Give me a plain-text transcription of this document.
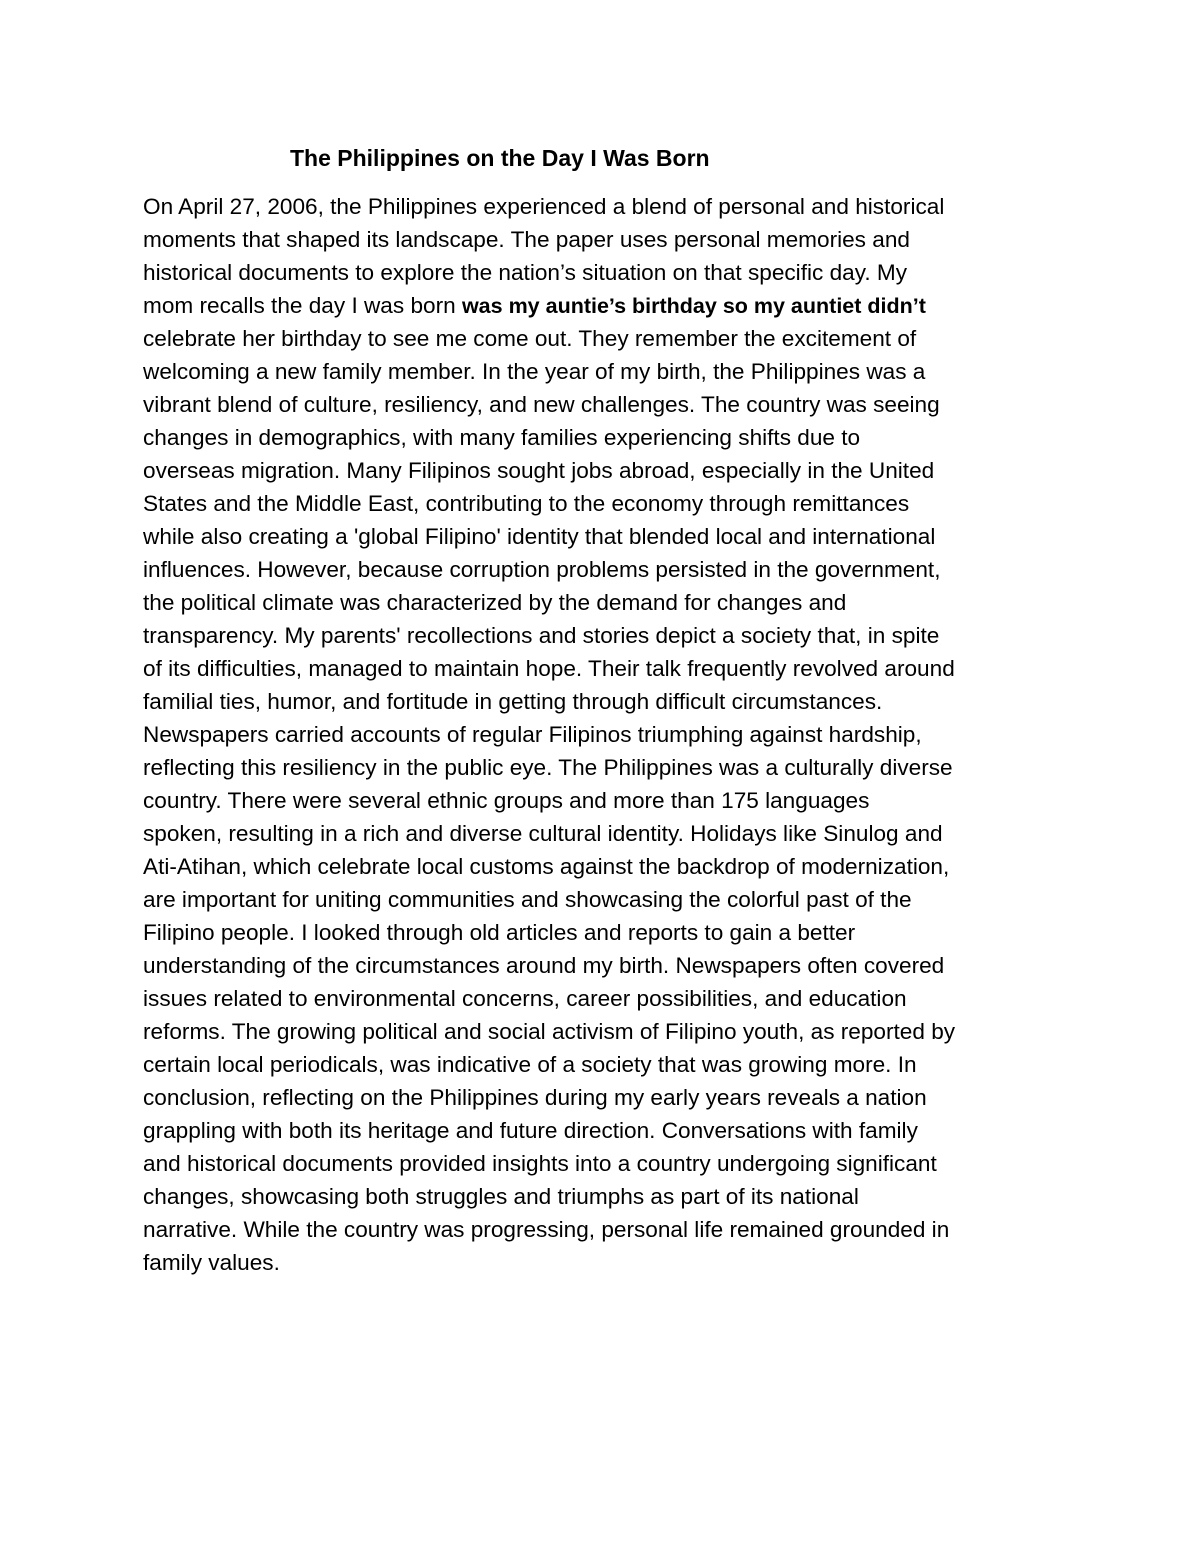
The Philippines on the Day I Was Born
On April 27, 2006, the Philippines experienced a blend of personal and historical
moments that shaped its landscape. The paper uses personal memories and
historical documents to explore the nation’s situation on that specific day. My
mom recalls the day I was born was my auntie’s birthday so my auntiet didn’t
celebrate her birthday to see me come out. They remember the excitement of
welcoming a new family member. In the year of my birth, the Philippines was a
vibrant blend of culture, resiliency, and new challenges. The country was seeing
changes in demographics, with many families experiencing shifts due to
overseas migration. Many Filipinos sought jobs abroad, especially in the United
States and the Middle East, contributing to the economy through remittances
while also creating a 'global Filipino' identity that blended local and international
influences. However, because corruption problems persisted in the government,
the political climate was characterized by the demand for changes and
transparency. My parents' recollections and stories depict a society that, in spite
of its difficulties, managed to maintain hope. Their talk frequently revolved around
familial ties, humor, and fortitude in getting through difficult circumstances.
Newspapers carried accounts of regular Filipinos triumphing against hardship,
reflecting this resiliency in the public eye. The Philippines was a culturally diverse
country. There were several ethnic groups and more than 175 languages
spoken, resulting in a rich and diverse cultural identity. Holidays like Sinulog and
Ati-Atihan, which celebrate local customs against the backdrop of modernization,
are important for uniting communities and showcasing the colorful past of the
Filipino people. I looked through old articles and reports to gain a better
understanding of the circumstances around my birth. Newspapers often covered
issues related to environmental concerns, career possibilities, and education
reforms. The growing political and social activism of Filipino youth, as reported by
certain local periodicals, was indicative of a society that was growing more. In
conclusion, reflecting on the Philippines during my early years reveals a nation
grappling with both its heritage and future direction. Conversations with family
and historical documents provided insights into a country undergoing significant
changes, showcasing both struggles and triumphs as part of its national
narrative. While the country was progressing, personal life remained grounded in
family values.
